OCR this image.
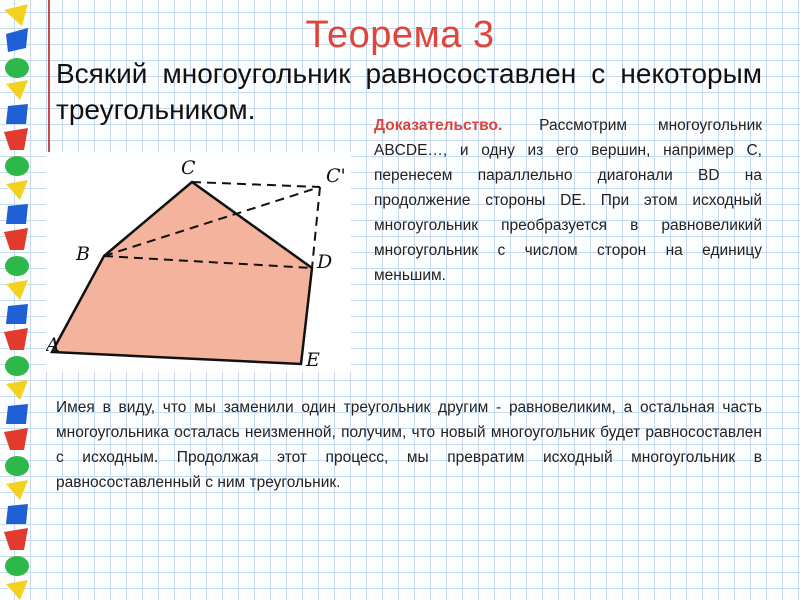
Теорема 3
Всякий многоугольник равносоставлен с некоторым треугольником.
A
B
C	C'
D
E
Доказательство. Рассмотрим многоугольник ABCDE…, и одну из его вершин, например C, перенесем параллельно диагонали BD на продолжение стороны DE. При этом исходный многоугольник преобразуется в равновеликий многоугольник с числом сторон на единицу меньшим.
Имея в виду, что мы заменили один треугольник другим - равновеликим, а остальная часть многоугольника осталась неизменной, получим, что новый многоугольник будет равносоставлен с исходным. Продолжая этот процесс, мы превратим исходный многоугольник в равносоставленный с ним треугольник.
